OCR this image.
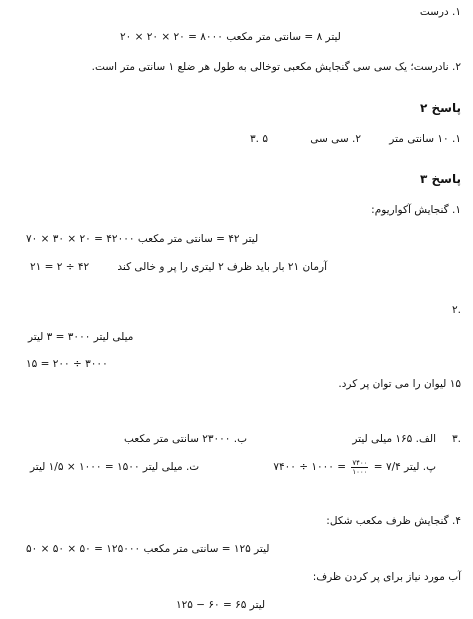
۱. درست
لیتر ۸ = سانتی متر مکعب ۸۰۰۰ = ۲۰ × ۲۰ × ۲۰
۲. نادرست؛ یک سی سی گنجایش مکعبی توخالی به طول هر ضلع ۱ سانتی متر است.
پاسخ ۲
۱. ۱۰ سانتی متر
۲. سی سی
۳. ۵
پاسخ ۳
۱. گنجایش آکواریوم:
لیتر ۴۲ = سانتی متر مکعب ۴۲۰۰۰ = ۲۰ × ۳۰ × ۷۰
آرمان ۲۱ بار باید ظرف ۲ لیتری را پر و خالی کند
۲۱ = ۲ ÷ ۴۲
۲.
میلی لیتر ۳۰۰۰ = ۳ لیتر
۱۵ = ۲۰۰ ÷ ۳۰۰۰
۱۵ لیوان را می توان پر کرد.
۳.
الف. ۱۶۵ میلی لیتر
ب. ۲۳۰۰۰ سانتی متر مکعب
پ. لیتر ۷/۴ =
$\frac{۷۴۰۰}{۱۰۰۰}$
= ۱۰۰۰ ÷ ۷۴۰۰
ت. میلی لیتر ۱۵۰۰ = ۱۰۰۰ × ۱/۵ لیتر
۴. گنجایش ظرف مکعب شکل:
لیتر ۱۲۵ = سانتی متر مکعب ۱۲۵۰۰۰ = ۵۰ × ۵۰ × ۵۰
آب مورد نیاز برای پر کردن ظرف:
لیتر ۶۵ = ۶۰ − ۱۲۵
